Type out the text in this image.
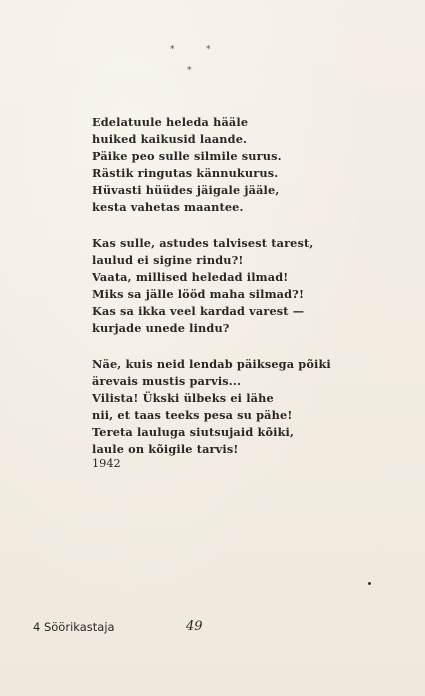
*	*
*
Edelatuule heleda hääle
huiked kaikusid laande.
Päike peo sulle silmile surus.
Rästik ringutas kännukurus.
Hüvasti hüüdes jäigale jääle,
kesta vahetas maantee.
Kas sulle, astudes talvisest tarest,
laulud ei sigine rindu?!
Vaata, millised heledad ilmad!
Miks sa jälle lööd maha silmad?!
Kas sa ikka veel kardad varest —
kurjade unede lindu?
Näe, kuis neid lendab päiksega põiki
ärevais mustis parvis...
Vilista! Ükski ülbeks ei lähe
nii, et taas teeks pesa su pähe!
Tereta lauluga siutsujaid kõiki,
laule on kõigile tarvis!
1942
4 Söörikastaja	49
